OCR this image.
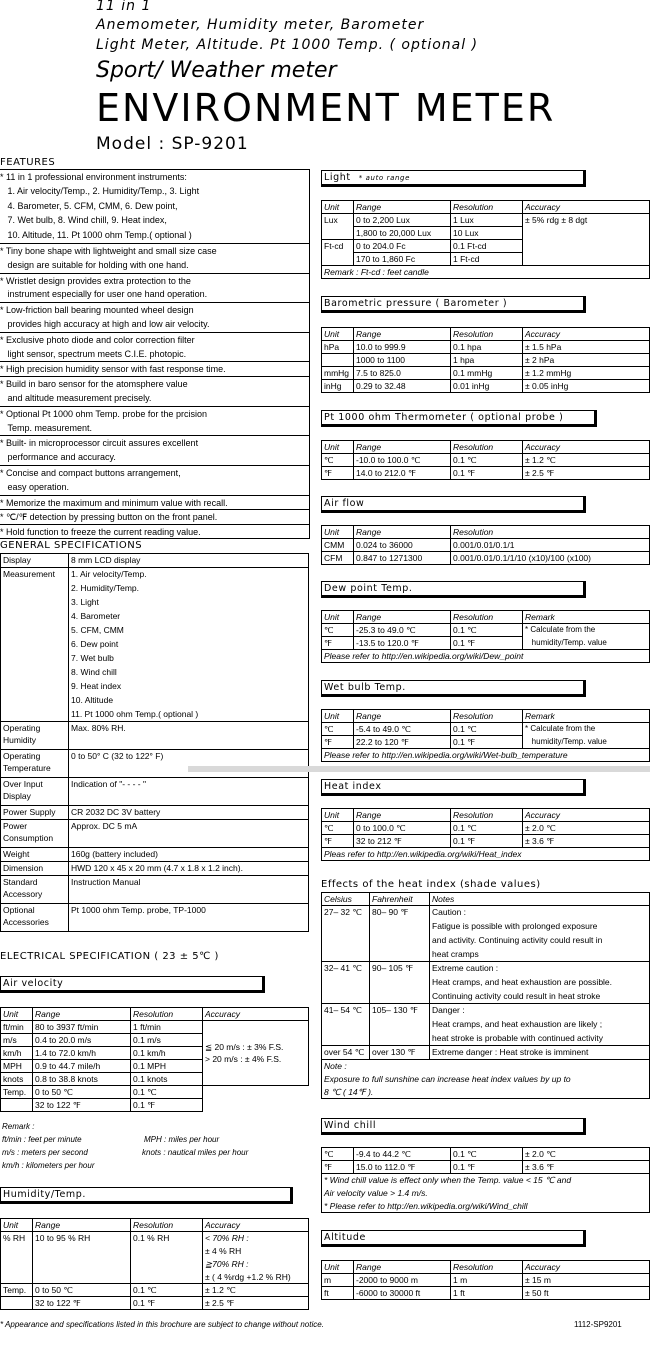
11 in 1
Anemometer, Humidity meter, Barometer
Light Meter, Altitude. Pt 1000 Temp. ( optional )
Sport/ Weather meter
ENVIRONMENT METER
Model : SP-9201
FEATURES
* 11 in 1 professional environment instruments:
1. Air velocity/Temp., 2. Humidity/Temp., 3. Light
4. Barometer, 5. CFM, CMM, 6. Dew point,
7. Wet bulb, 8. Wind chill, 9. Heat index,
10. Altitude, 11. Pt 1000 ohm Temp.( optional )
* Tiny bone shape with lightweight and small size case
design are suitable for holding with one hand.
* Wristlet design provides extra protection to the
instrument especially for user one hand operation.
* Low-friction ball bearing mounted wheel design
provides high accuracy at high and low air velocity.
* Exclusive photo diode and color correction filter
light sensor, spectrum meets C.I.E. photopic.
* High precision humidity sensor with fast response time.
* Build in baro sensor for the atomsphere value
and altitude measurement precisely.
* Optional Pt 1000 ohm Temp. probe for the prcision
Temp. measurement.
* Built- in microprocessor circuit assures excellent
performance and accuracy.
* Concise and compact buttons arrangement,
easy operation.
* Memorize the maximum and minimum value with recall.
* ℃/℉ detection by pressing button on the front panel.
* Hold function to freeze the current reading value.
GENERAL SPECIFICATIONS
Display	8 mm LCD display
Measurement	1. Air velocity/Temp.
	2. Humidity/Temp.
	3. Light
	4. Barometer
	5. CFM, CMM
	6. Dew point
	7. Wet bulb
	8. Wind chill
	9. Heat index
	10. Altitude
	11. Pt 1000 ohm Temp.( optional )
Operating Humidity	Max. 80% RH.
Operating Temperature	0 to 50° C (32 to 122° F)
Over Input Display	Indication of "- - - - "
Power Supply	CR 2032 DC 3V battery
Power Consumption	Approx. DC 5 mA
Weight	160g (battery included)
Dimension	HWD 120 x 45 x 20 mm (4.7 x 1.8 x 1.2 inch).
Standard Accessory	Instruction Manual
Optional Accessories	Pt 1000 ohm Temp. probe, TP-1000
ELECTRICAL SPECIFICATION ( 23 ± 5℃ )
Air velocity
Unit	Range	Resolution	Accuracy
ft/min	80 to 3937 ft/min	1 ft/min	≦ 20 m/s : ± 3% F.S.
> 20 m/s : ± 4% F.S.

m/s	0.4 to 20.0 m/s	0.1 m/s	
km/h	1.4 to 72.0 km/h	0.1 km/h	
MPH	0.9 to 44.7 mile/h	0.1 MPH	
knots	0.8 to 38.8 knots	0.1 knots	
Temp.	0 to 50 ℃	0.1 ℃	
	32 to 122 ℉	0.1 ℉	
Remark :
ft/min : feet per minute
m/s : meters per second
km/h : kilometers per hour
MPH : miles per hour
knots : nautical miles per hour
Humidity/Temp.
Unit	Range	Resolution	Accuracy
% RH	10 to 95 % RH	0.1 % RH	< 70% RH :
			± 4 % RH
			≧70% RH :
			± ( 4 %rdg +1.2 % RH)
Temp.	0 to 50 ℃	0.1 ℃	± 1.2 ℃
	32 to 122 ℉	0.1 ℉	± 2.5 ℉
* Appearance and specifications listed in this brochure are subject to change without notice.	1112-SP9201
Light * auto range
Unit	Range	Resolution	Accuracy
Lux	0 to 2,200 Lux	1 Lux	± 5% rdg ± 8 dgt
	1,800 to 20,000 Lux	10 Lux	
Ft-cd	0 to 204.0 Fc	0.1 Ft-cd	
	170 to 1,860 Fc	1 Ft-cd	
Remark : Ft-cd : feet candle			
Barometric pressure ( Barometer )
Unit	Range	Resolution	Accuracy
hPa	10.0 to 999.9	0.1 hpa	± 1.5 hPa
	1000 to 1100	1 hpa	± 2 hPa
mmHg	7.5 to 825.0	0.1 mmHg	± 1.2 mmHg
inHg	0.29 to 32.48	0.01 inHg	± 0.05 inHg
Pt 1000 ohm Thermometer ( optional probe )
Unit	Range	Resolution	Accuracy
℃	-10.0 to 100.0 ℃	0.1 ℃	± 1.2 ℃
℉	14.0 to 212.0 ℉	0.1 ℉	± 2.5 ℉
Air flow
Unit	Range	Resolution
CMM	0.024 to 36000	0.001/0.01/0.1/1
CFM	0.847 to 1271300	0.001/0.01/0.1/1/10 (x10)/100 (x100)
Dew point Temp.
Unit	Range	Resolution	Remark
℃	-25.3 to 49.0 ℃	0.1 ℃	* Calculate from the
℉	-13.5 to 120.0 ℉	0.1 ℉	humidity/Temp. value
Please refer to http://en.wikipedia.org/wiki/Dew_point			
Wet bulb Temp.
Unit	Range	Resolution	Remark
℃	-5.4 to 49.0 ℃	0.1 ℃	* Calculate from the
℉	22.2 to 120 ℉	0.1 ℉	humidity/Temp. value
Please refer to http://en.wikipedia.org/wiki/Wet-bulb_temperature			
Heat index
Unit	Range	Resolution	Accuracy
℃	0 to 100.0 ℃	0.1 ℃	± 2.0 ℃
℉	32 to 212 ℉	0.1 ℉	± 3.6 ℉
Pleas refer to http://en.wikipedia.org/wiki/Heat_index			
Effects of the heat index (shade values)
Celsius	Fahrenheit	Notes
27– 32 ℃	80– 90 ℉	Caution :
		Fatigue is possible with prolonged exposure
		and activity. Continuing activity could result in
		heat cramps
32– 41 ℃	90– 105 ℉	Extreme caution :
		Heat cramps, and heat exhaustion are possible.
		Continuing activity could result in heat stroke
41– 54 ℃	105– 130 ℉	Danger :
		Heat cramps, and heat exhaustion are likely ;
		heat stroke is probable with continued activity
over 54 ℃	over 130 ℉	Extreme danger : Heat stroke is imminent
Note :		
Exposure to full sunshine can increase heat index values by up to		
8 ℃ ( 14℉ ).		
Wind chill
℃	-9.4 to 44.2 ℃	0.1 ℃	± 2.0 ℃
℉	15.0 to 112.0 ℉	0.1 ℉	± 3.6 ℉
* Wind chill value is effect only when the Temp. value < 15 ℃ and			
Air velocity value > 1.4 m/s.			
* Please refer to http://en.wikipedia.org/wiki/Wind_chill			
Altitude
Unit	Range	Resolution	Accuracy
m	-2000 to 9000 m	1 m	± 15 m
ft	-6000 to 30000 ft	1 ft	± 50 ft
